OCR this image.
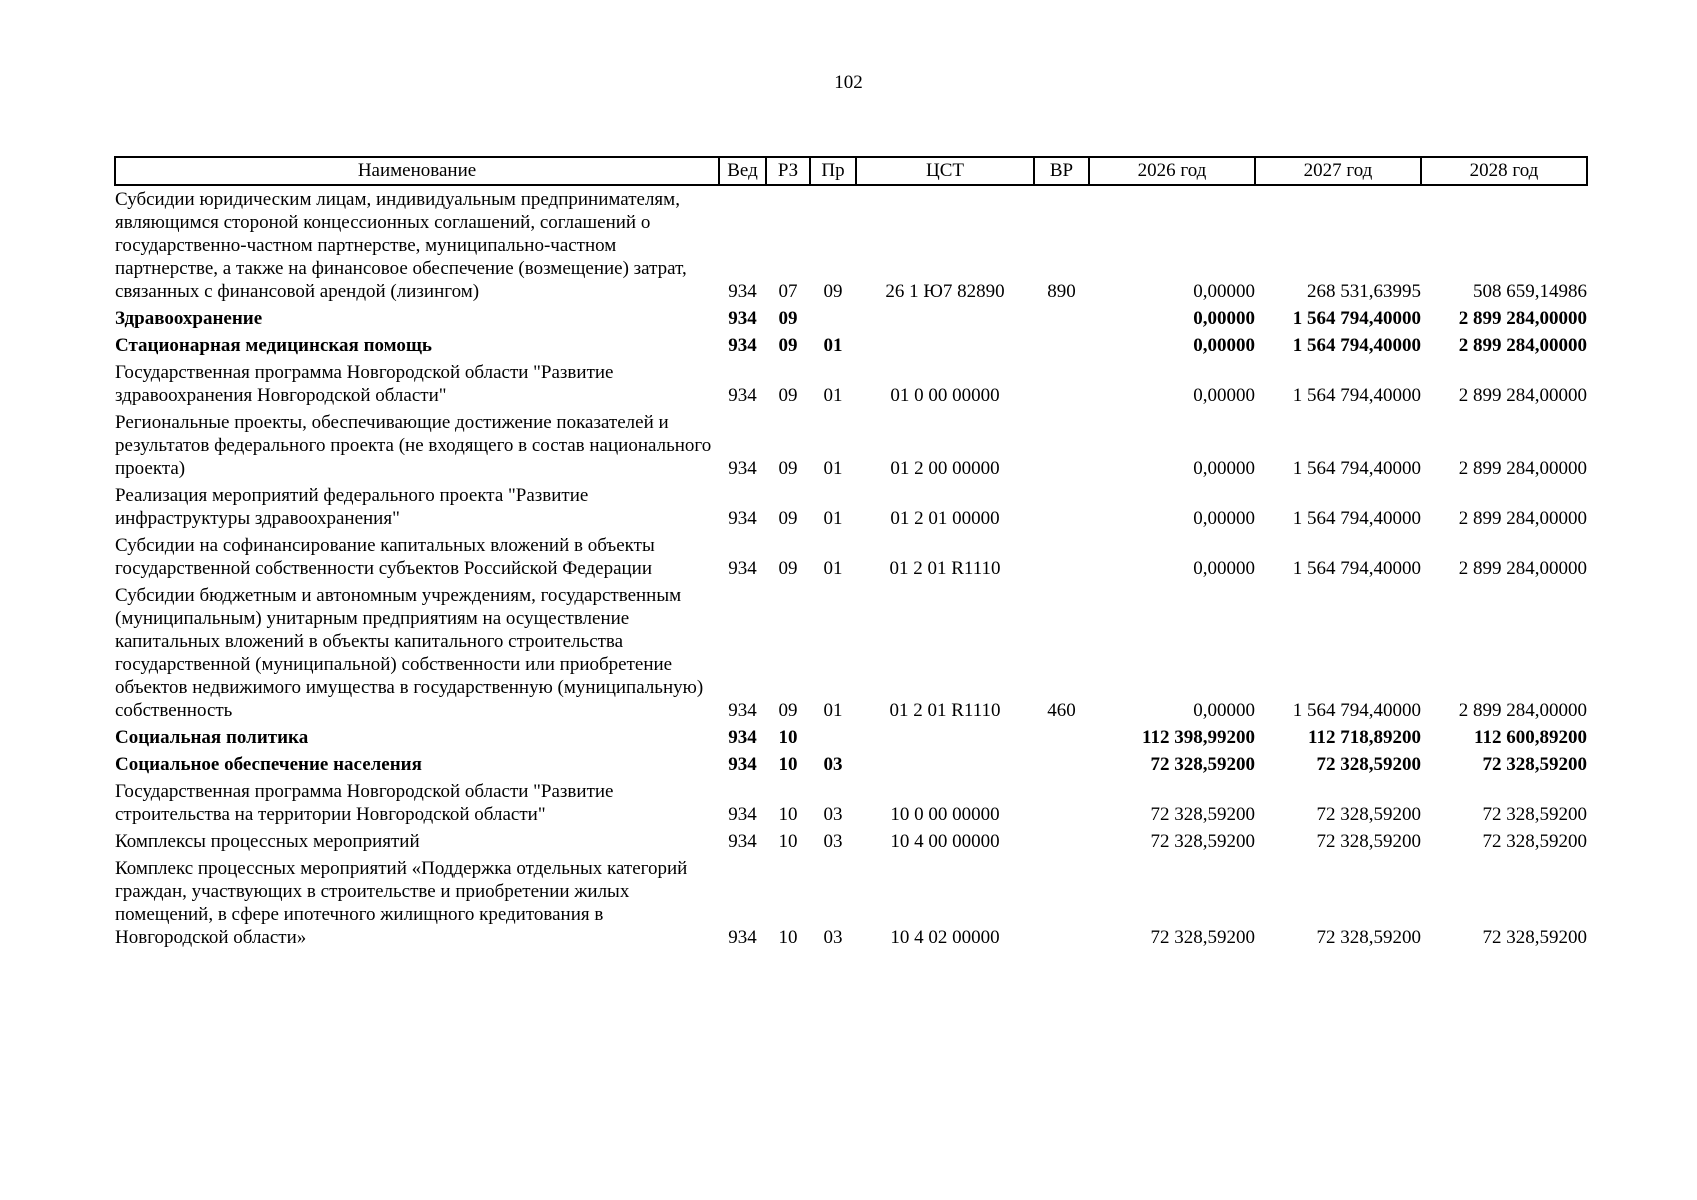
102
Наименование	Вед	РЗ	Пр	ЦСТ	ВР	2026 год	2027 год	2028 год
Субсидии юридическим лицам, индивидуальным предпринимателям, являющимся стороной концессионных соглашений, соглашений о государственно-частном партнерстве, муниципально-частном партнерстве, а также на финансовое обеспечение (возмещение) затрат, связанных с финансовой арендой (лизингом)	934	07	09	26 1 Ю7 82890	890	0,00000	268 531,63995	508 659,14986
Здравоохранение	934	09				0,00000	1 564 794,40000	2 899 284,00000
Стационарная медицинская помощь	934	09	01			0,00000	1 564 794,40000	2 899 284,00000
Государственная программа Новгородской области "Развитие здравоохранения Новгородской области"	934	09	01	01 0 00 00000		0,00000	1 564 794,40000	2 899 284,00000
Региональные проекты, обеспечивающие достижение показателей и результатов федерального проекта (не входящего в состав национального проекта)	934	09	01	01 2 00 00000		0,00000	1 564 794,40000	2 899 284,00000
Реализация мероприятий федерального проекта "Развитие инфраструктуры здравоохранения"	934	09	01	01 2 01 00000		0,00000	1 564 794,40000	2 899 284,00000
Субсидии на софинансирование капитальных вложений в объекты государственной собственности субъектов Российской Федерации	934	09	01	01 2 01 R1110		0,00000	1 564 794,40000	2 899 284,00000
Субсидии бюджетным и автономным учреждениям, государственным (муниципальным) унитарным предприятиям на осуществление капитальных вложений в объекты капитального строительства государственной (муниципальной) собственности или приобретение объектов недвижимого имущества в государственную (муниципальную) собственность	934	09	01	01 2 01 R1110	460	0,00000	1 564 794,40000	2 899 284,00000
Социальная политика	934	10				112 398,99200	112 718,89200	112 600,89200
Социальное обеспечение населения	934	10	03			72 328,59200	72 328,59200	72 328,59200
Государственная программа Новгородской области "Развитие строительства на территории Новгородской области"	934	10	03	10 0 00 00000		72 328,59200	72 328,59200	72 328,59200
Комплексы процессных мероприятий	934	10	03	10 4 00 00000		72 328,59200	72 328,59200	72 328,59200
Комплекс процессных мероприятий «Поддержка отдельных категорий граждан, участвующих в строительстве и приобретении жилых помещений, в сфере ипотечного жилищного кредитования в Новгородской области»	934	10	03	10 4 02 00000		72 328,59200	72 328,59200	72 328,59200
